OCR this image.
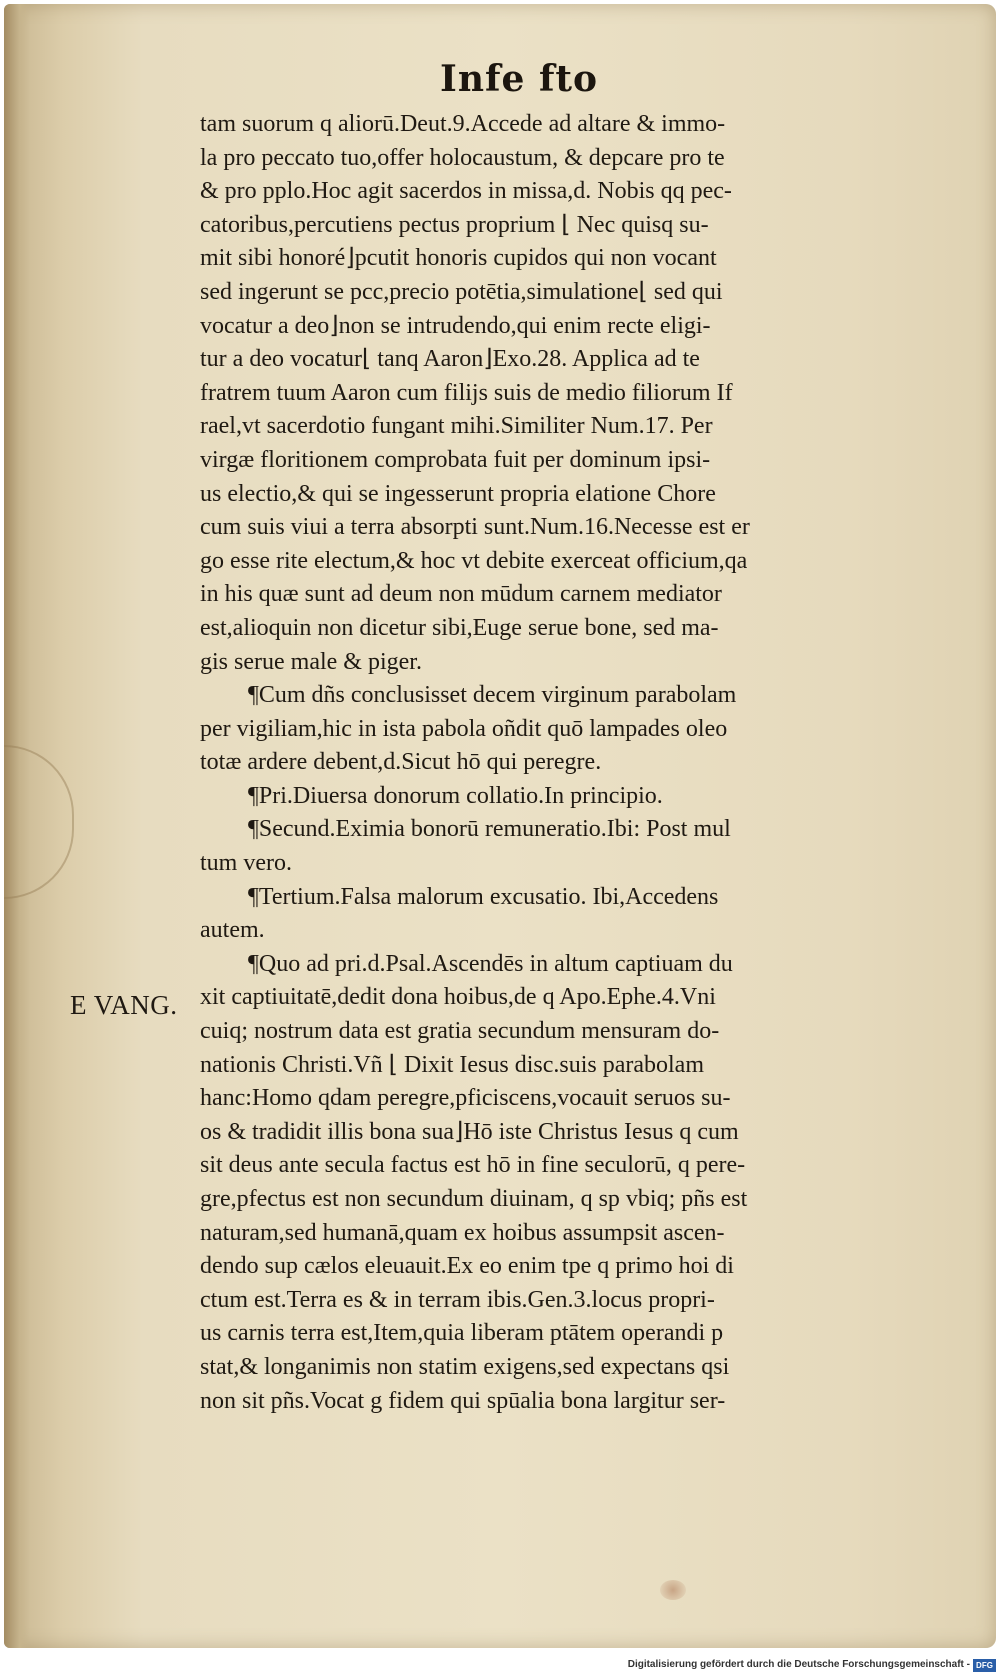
Infe fto
E VANG.
tam suorum q aliorū.Deut.9.Accede ad altare & immo-
la pro peccato tuo,offer holocaustum, & depcare pro te
& pro pplo.Hoc agit sacerdos in missa,d. Nobis qq pec-
catoribus,percutiens pectus proprium ⌊ Nec quisq su-
mit sibi honoré⌋pcutit honoris cupidos qui non vocant
sed ingerunt se pcc,precio potētia,simulatione⌊ sed qui
vocatur a deo⌋non se intrudendo,qui enim recte eligi-
tur a deo vocatur⌊ tanq Aaron⌋Exo.28. Applica ad te
fratrem tuum Aaron cum filijs suis de medio filiorum If
rael,vt sacerdotio fungant mihi.Similiter Num.17. Per
virgæ floritionem comprobata fuit per dominum ipsi-
us electio,& qui se ingesserunt propria elatione Chore
cum suis viui a terra absorpti sunt.Num.16.Necesse est er
go esse rite electum,& hoc vt debite exerceat officium,qa
in his quæ sunt ad deum non mūdum carnem mediator
est,alioquin non dicetur sibi,Euge serue bone, sed ma-
gis serue male & piger.
¶Cum dñs conclusisset decem virginum parabolam
per vigiliam,hic in ista pabola oñdit quō lampades oleo
totæ ardere debent,d.Sicut hō qui peregre.
¶Pri.Diuersa donorum collatio.In principio.
¶Secund.Eximia bonorū remuneratio.Ibi: Post mul
tum vero.
¶Tertium.Falsa malorum excusatio. Ibi,Accedens
autem.
¶Quo ad pri.d.Psal.Ascendēs in altum captiuam du
xit captiuitatē,dedit dona hoibus,de q Apo.Ephe.4.Vni
cuiq; nostrum data est gratia secundum mensuram do-
nationis Christi.Vñ ⌊ Dixit Iesus disc.suis parabolam
hanc:Homo qdam peregre,pficiscens,vocauit seruos su-
os & tradidit illis bona sua⌋Hō iste Christus Iesus q cum
sit deus ante secula factus est hō in fine seculorū, q pere-
gre,pfectus est non secundum diuinam, q sp vbiq; pñs est
naturam,sed humanā,quam ex hoibus assumpsit ascen-
dendo sup cælos eleuauit.Ex eo enim tpe q primo hoi di
ctum est.Terra es & in terram ibis.Gen.3.locus propri-
us carnis terra est,Item,quia liberam ptātem operandi p
stat,& longanimis non statim exigens,sed expectans qsi
non sit pñs.Vocat g fidem qui spūalia bona largitur ser-
Digitalisierung gefördert durch die Deutsche Forschungsgemeinschaft - DFG
